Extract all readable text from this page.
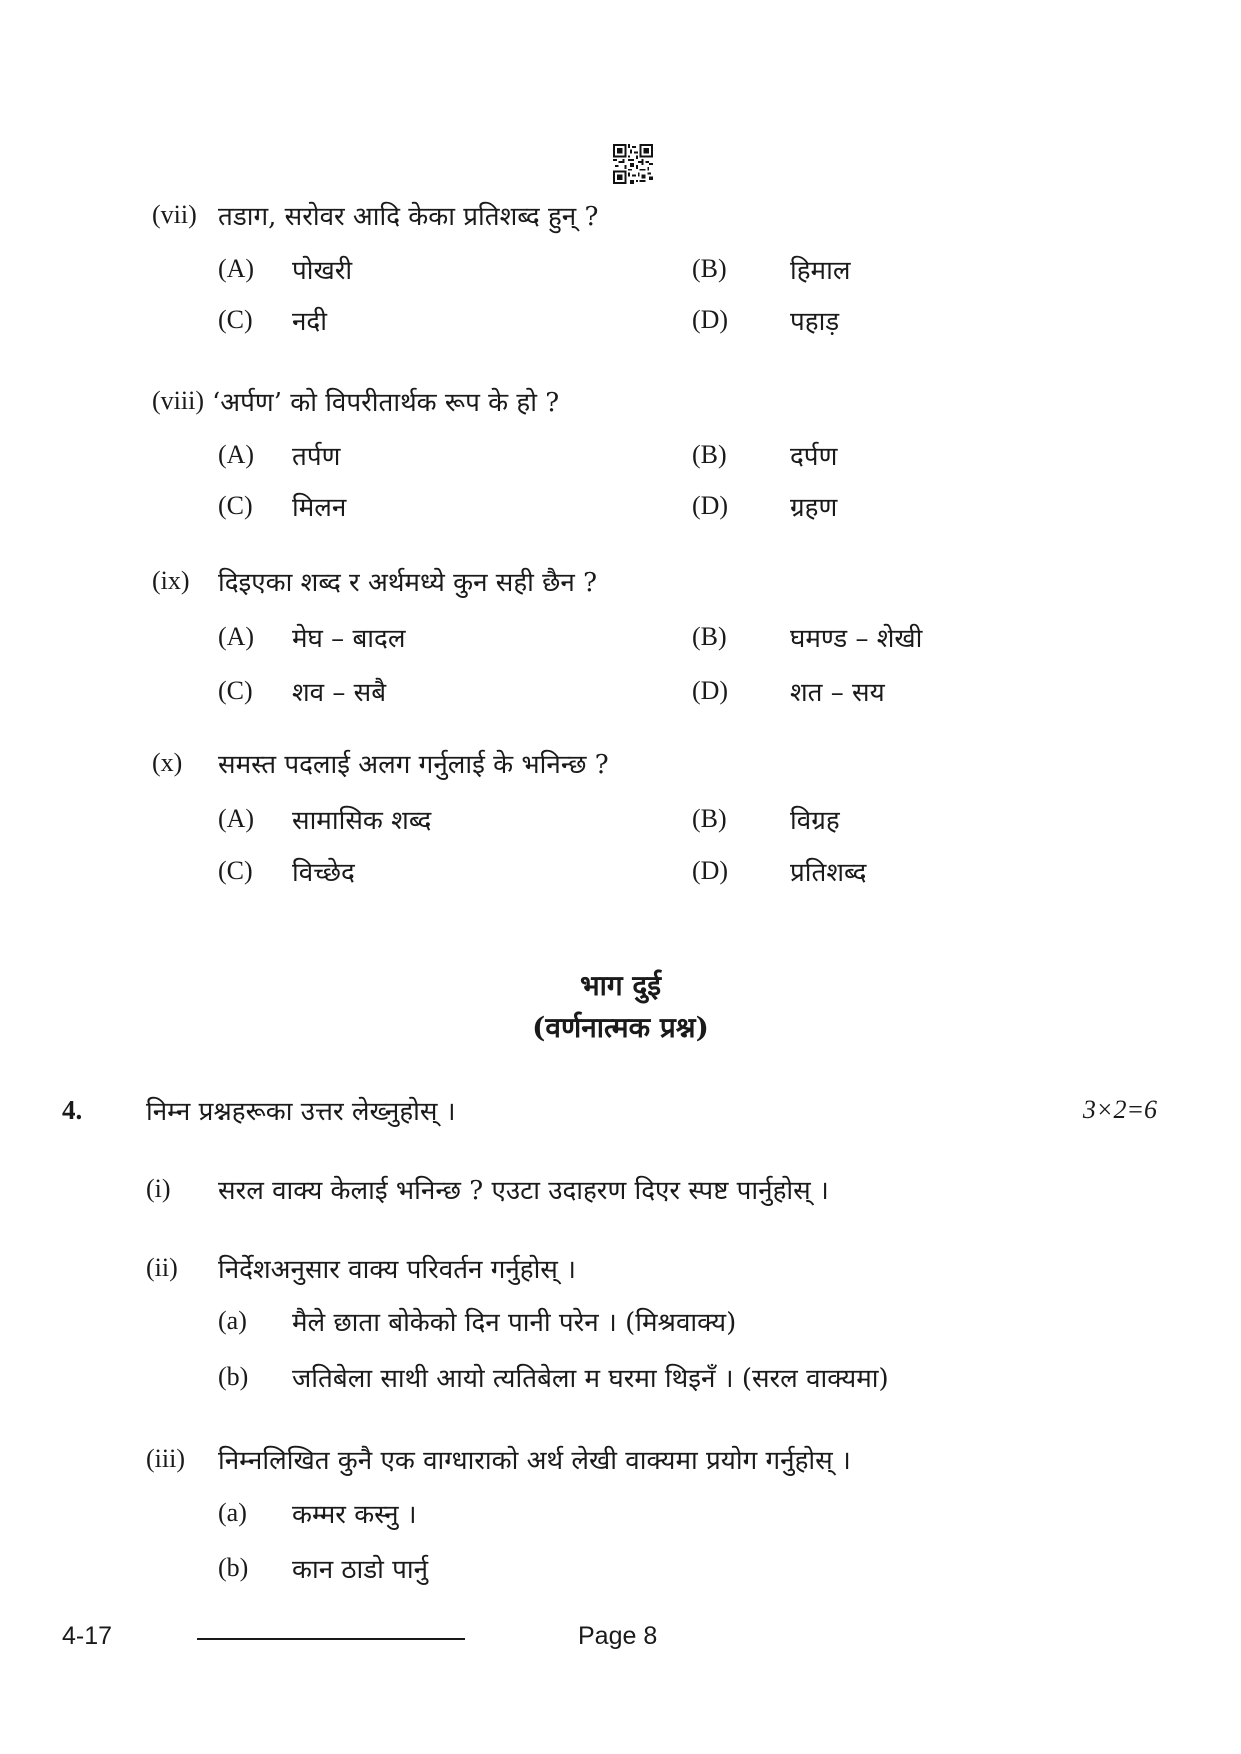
(vii) तडाग, सरोवर आदि केका प्रतिशब्द हुन् ?
(A) पोखरी	(B) हिमाल
(C) नदी	(D) पहाड़
(viii) ‘अर्पण’ को विपरीतार्थक रूप के हो ?
(A) तर्पण	(B) दर्पण
(C) मिलन	(D) ग्रहण
(ix) दिइएका शब्द र अर्थमध्ये कुन सही छैन ?
(A) मेघ – बादल	(B) घमण्ड – शेखी
(C) शव – सबै	(D) शत – सय
(x) समस्त पदलाई अलग गर्नुलाई के भनिन्छ ?
(A) सामासिक शब्द	(B) विग्रह
(C) विच्छेद	(D) प्रतिशब्द
भाग दुई
(वर्णनात्मक प्रश्न)
4. निम्न प्रश्नहरूका उत्तर लेख्नुहोस् ।	3×2=6
(i) सरल वाक्य केलाई भनिन्छ ? एउटा उदाहरण दिएर स्पष्ट पार्नुहोस् ।
(ii) निर्देशअनुसार वाक्य परिवर्तन गर्नुहोस् ।
(a) मैले छाता बोकेको दिन पानी परेन । (मिश्रवाक्य)
(b) जतिबेला साथी आयो त्यतिबेला म घरमा थिइनँ । (सरल वाक्यमा)
(iii) निम्नलिखित कुनै एक वाग्धाराको अर्थ लेखी वाक्यमा प्रयोग गर्नुहोस् ।
(a) कम्मर कस्नु ।
(b) कान ठाडो पार्नु
4-17	Page 8
